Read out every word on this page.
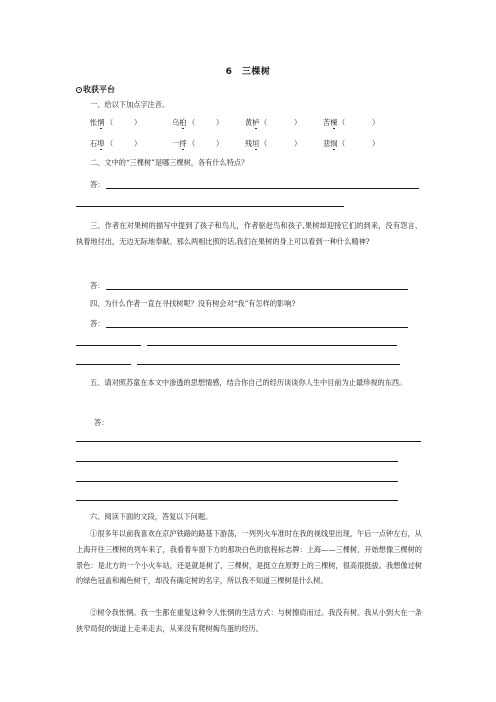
6　三棵树
收获平台
一、给以下加点字注音。
怅惘 （	）	乌桕 （	）	黄栌 （	）	苦楝 （	）
石埠 （	）	一捋 （	）	残垣 （	）	悲悯 （	）
二、文中的“三棵树”是哪三棵树，各有什么特点？
答：
三、作者在对果树的描写中提到了孩子和鸟儿，作者驱赶鸟和孩子,果树却迎接它们的到来，没有怨言、执着地付出，无边无际地奉献。那么两相比照的话,我们在果树的身上可以看到一种什么精神?
答：
四、为什么作者一直在寻找树呢？没有树会对“我”有怎样的影响?
答：
五、请对照苏童在本文中渗透的思想情感，结合你自己的经历谈谈你人生中目前为止最珍视的东西。
答：
六、阅读下面的文段，答复以下问题。
①很多年以前我喜欢在京沪铁路的路基下游荡，一列列火车准时在我的视线里出现，午后一点钟左右，从上海开往三棵树的列车来了，我看着车窗下方的那块白色的旅程标志牌：上海——三棵树，开始想像三棵树的景色：是北方的一个小火车站，还是就是树了，三棵树，是挺立在原野上的三棵树，很高很挺拔。我想像过树的绿色冠盖和褐色树干，却没有确定树的名字，所以我不知道三棵树是什么树。
②树令我怅惘。我一生都在重复这种令人怅惘的生活方式：与树擦肩而过。我没有树。我从小到大在一条狭窄局促的街道上走来走去，从来没有爬树掏鸟蛋的经历。
